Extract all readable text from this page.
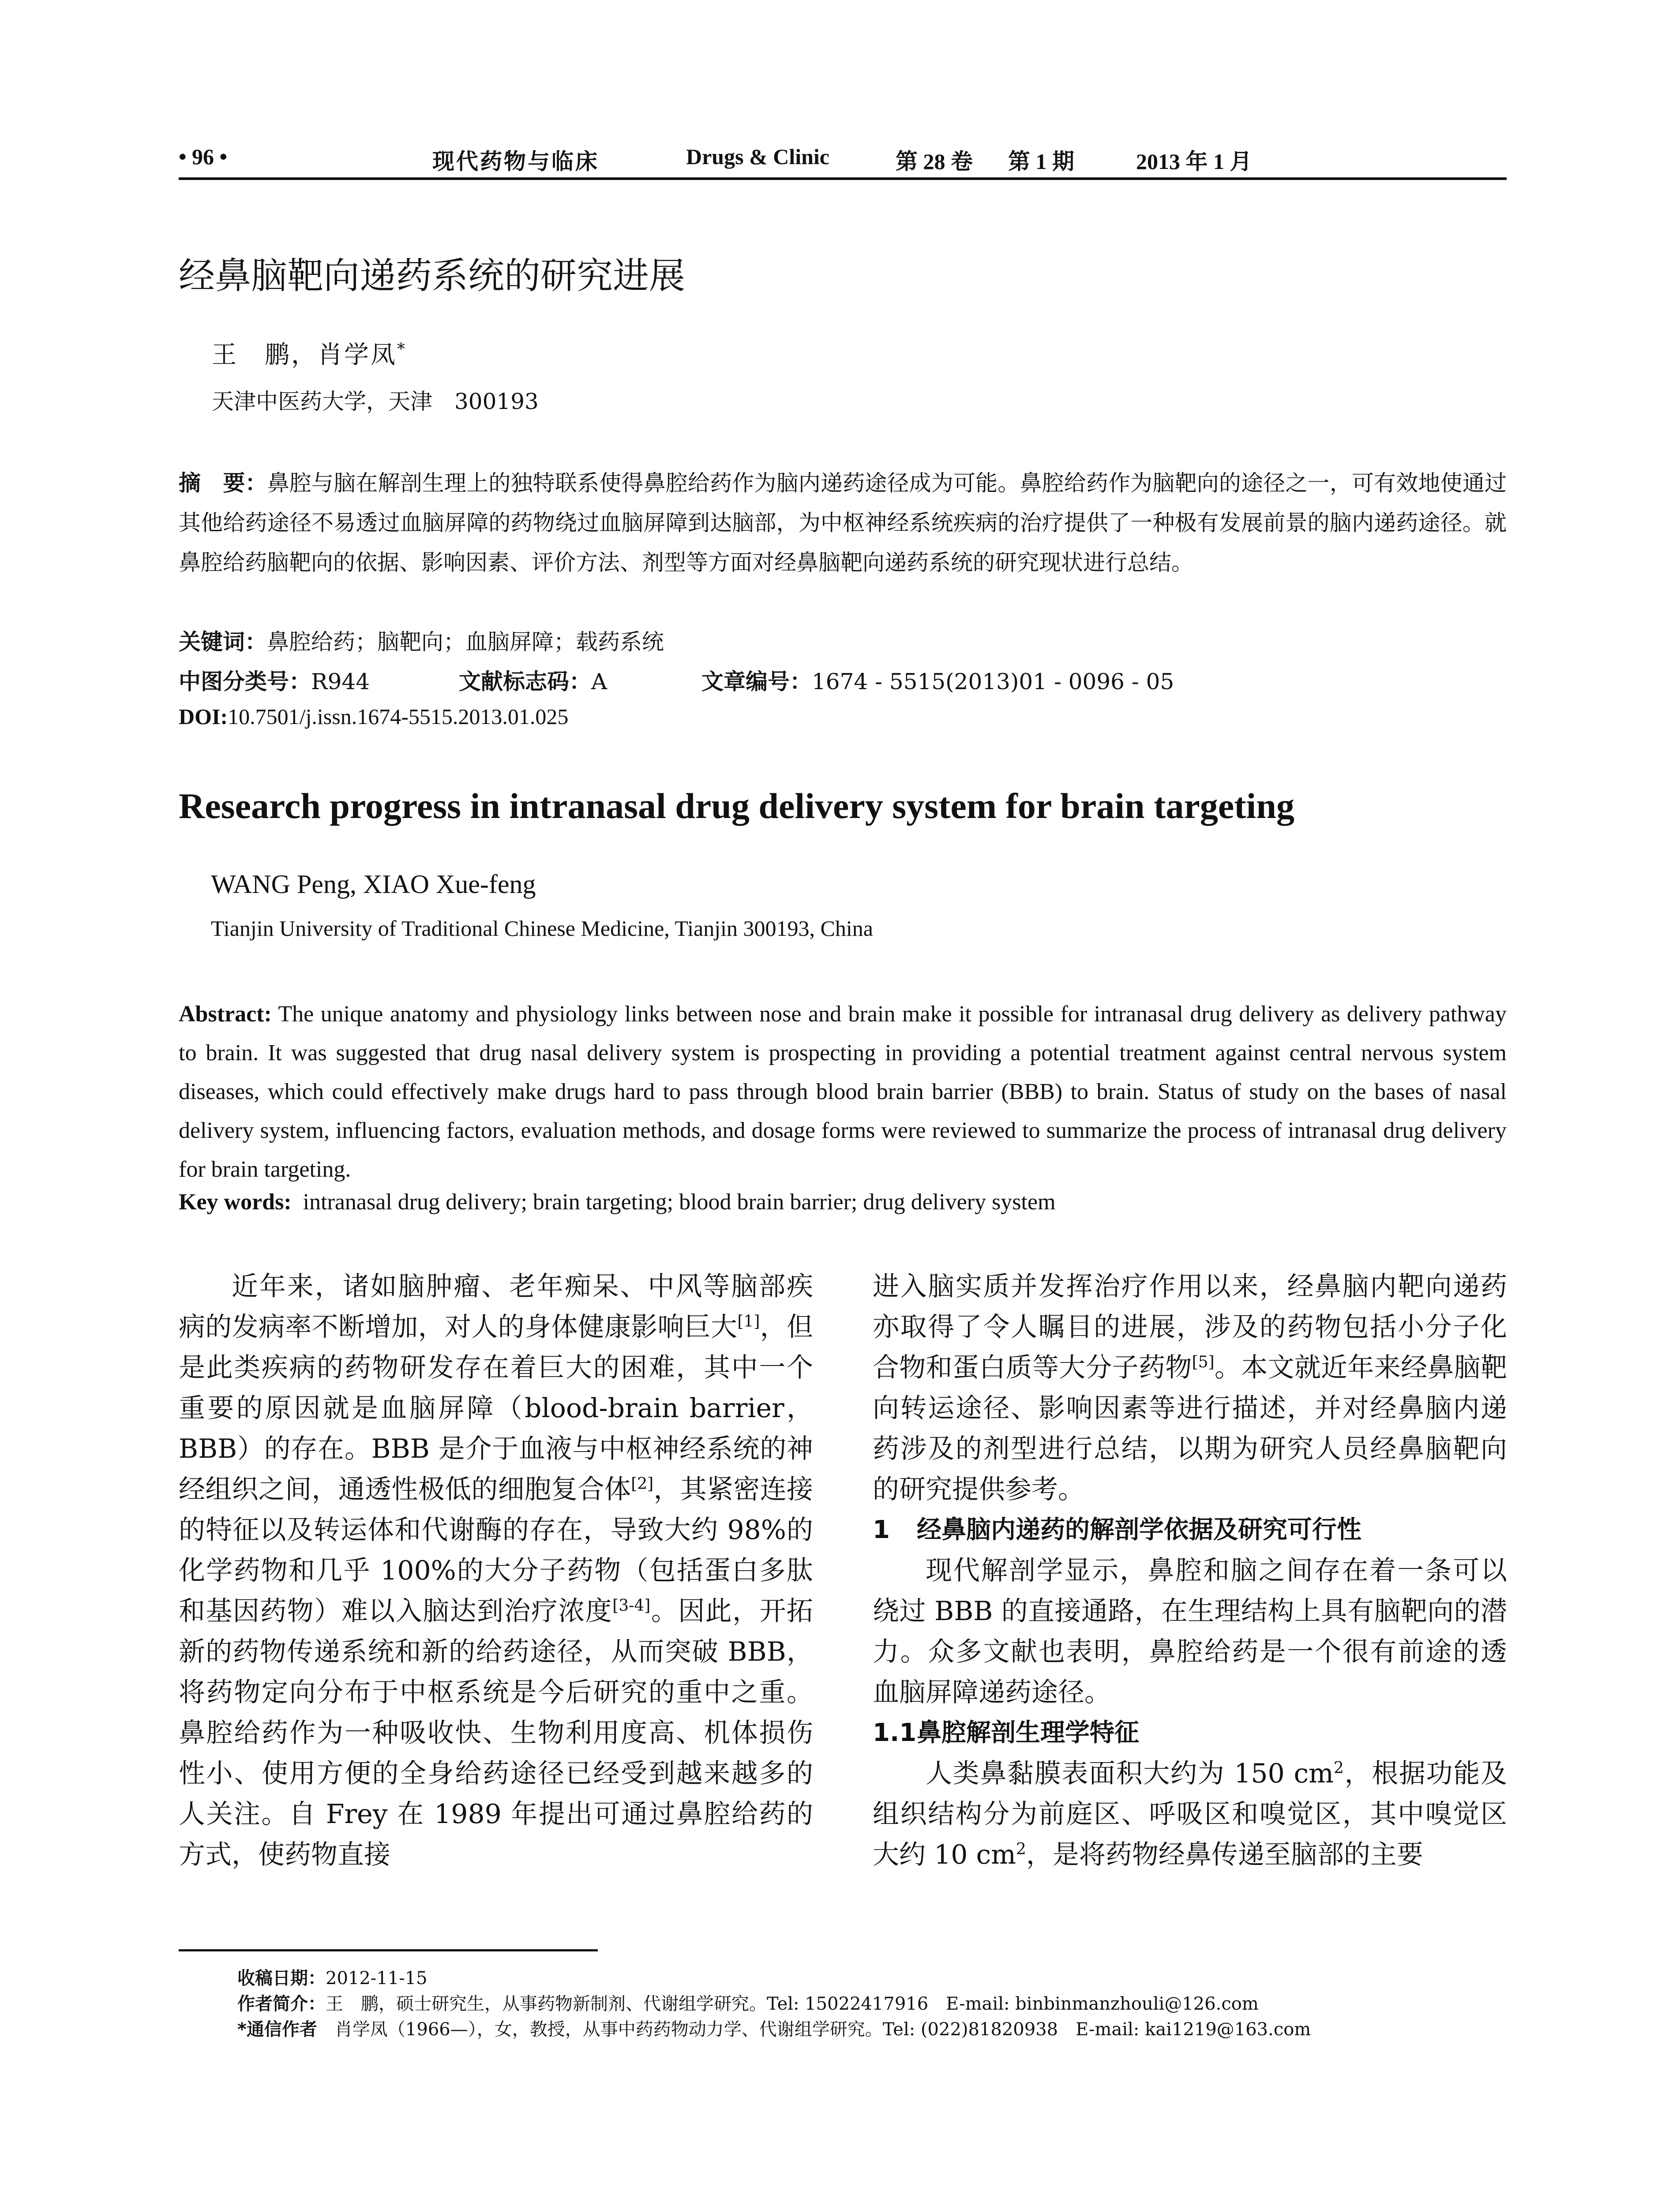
• 96 •	现代药物与临床	Drugs & Clinic	第 28 卷 第 1 期	2013 年 1 月
经鼻脑靶向递药系统的研究进展
王　鹏，肖学凤*
天津中医药大学，天津　300193
摘　要：鼻腔与脑在解剖生理上的独特联系使得鼻腔给药作为脑内递药途径成为可能。鼻腔给药作为脑靶向的途径之一，可有效地使通过其他给药途径不易透过血脑屏障的药物绕过血脑屏障到达脑部，为中枢神经系统疾病的治疗提供了一种极有发展前景的脑内递药途径。就鼻腔给药脑靶向的依据、影响因素、评价方法、剂型等方面对经鼻脑靶向递药系统的研究现状进行总结。
关键词：鼻腔给药；脑靶向；血脑屏障；载药系统
中图分类号：R944	文献标志码：A	文章编号：1674 - 5515(2013)01 - 0096 - 05
DOI:10.7501/j.issn.1674-5515.2013.01.025
Research progress in intranasal drug delivery system for brain targeting
WANG Peng, XIAO Xue-feng
Tianjin University of Traditional Chinese Medicine, Tianjin 300193, China
Abstract: The unique anatomy and physiology links between nose and brain make it possible for intranasal drug delivery as delivery pathway to brain. It was suggested that drug nasal delivery system is prospecting in providing a potential treatment against central nervous system diseases, which could effectively make drugs hard to pass through blood brain barrier (BBB) to brain. Status of study on the bases of nasal delivery system, influencing factors, evaluation methods, and dosage forms were reviewed to summarize the process of intranasal drug delivery for brain targeting.
Key words:  intranasal drug delivery; brain targeting; blood brain barrier; drug delivery system

近年来，诸如脑肿瘤、老年痴呆、中风等脑部疾病的发病率不断增加，对人的身体健康影响巨大[1]，但是此类疾病的药物研发存在着巨大的困难，其中一个重要的原因就是血脑屏障（blood-brain barrier，BBB）的存在。BBB 是介于血液与中枢神经系统的神经组织之间，通透性极低的细胞复合体[2]，其紧密连接的特征以及转运体和代谢酶的存在，导致大约 98%的化学药物和几乎 100%的大分子药物（包括蛋白多肽和基因药物）难以入脑达到治疗浓度[3-4]。因此，开拓新的药物传递系统和新的给药途径，从而突破 BBB，将药物定向分布于中枢系统是今后研究的重中之重。鼻腔给药作为一种吸收快、生物利用度高、机体损伤性小、使用方便的全身给药途径已经受到越来越多的人关注。自 Frey 在 1989 年提出可通过鼻腔给药的方式，使药物直接

进入脑实质并发挥治疗作用以来，经鼻脑内靶向递药亦取得了令人瞩目的进展，涉及的药物包括小分子化合物和蛋白质等大分子药物[5]。本文就近年来经鼻脑靶向转运途径、影响因素等进行描述，并对经鼻脑内递药涉及的剂型进行总结，以期为研究人员经鼻脑靶向的研究提供参考。

1 经鼻脑内递药的解剖学依据及研究可行性

现代解剖学显示，鼻腔和脑之间存在着一条可以绕过 BBB 的直接通路，在生理结构上具有脑靶向的潜力。众多文献也表明，鼻腔给药是一个很有前途的透血脑屏障递药途径。

1.1鼻腔解剖生理学特征

人类鼻黏膜表面积大约为 150 $cm^2$，根据功能及组织结构分为前庭区、呼吸区和嗅觉区，其中嗅觉区大约 10 $cm^2$，是将药物经鼻传递至脑部的主要

收稿日期：2012-11-15
作者简介：王　鹏，硕士研究生，从事药物新制剂、代谢组学研究。Tel: 15022417916　E-mail: binbinmanzhouli@126.com
*通信作者　肖学凤（1966—），女，教授，从事中药药物动力学、代谢组学研究。Tel: (022)81820938　E-mail: kai1219@163.com
